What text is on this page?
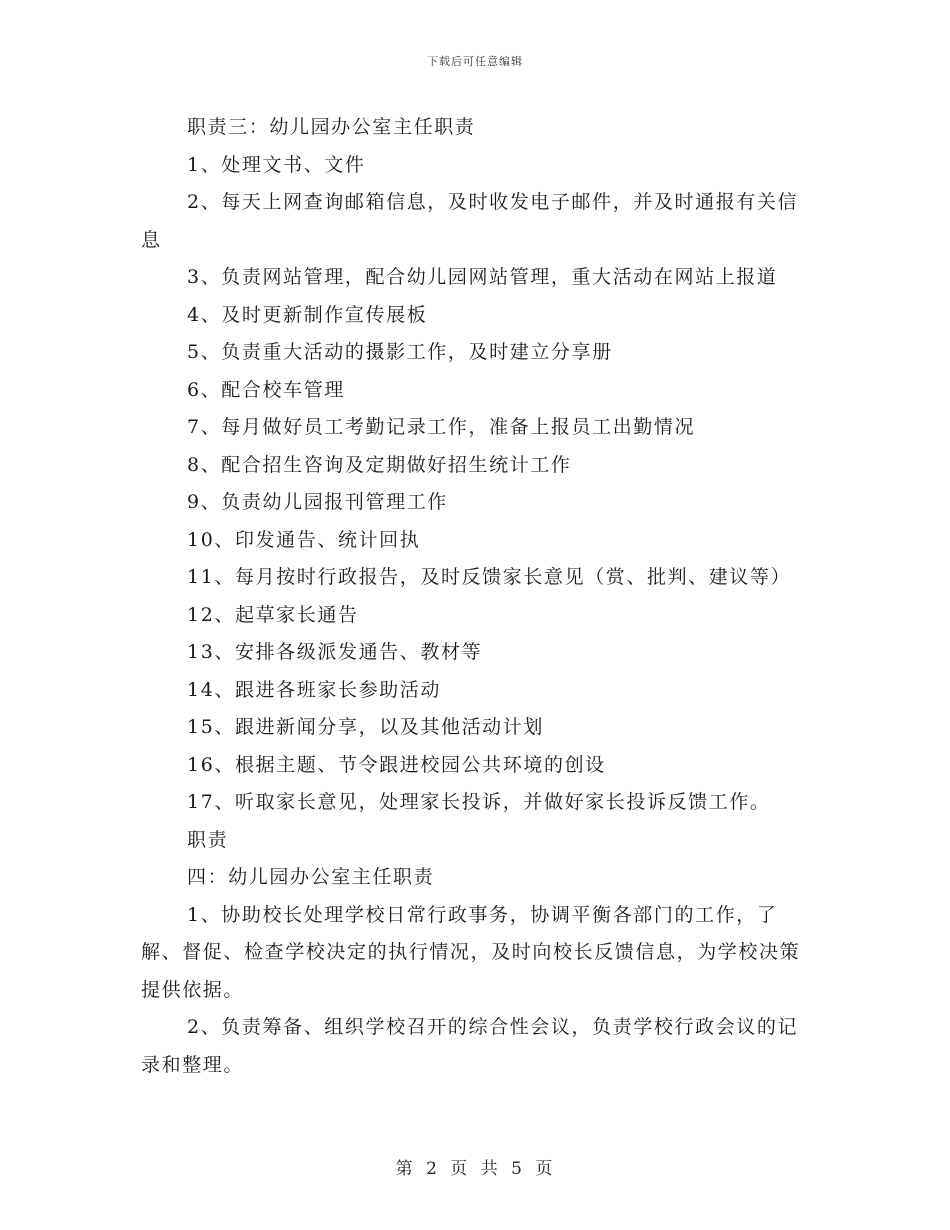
下载后可任意编辑

职责三：幼儿园办公室主任职责

1、处理文书、文件

2、每天上网查询邮箱信息，及时收发电子邮件，并及时通报有关信息

3、负责网站管理，配合幼儿园网站管理，重大活动在网站上报道

4、及时更新制作宣传展板

5、负责重大活动的摄影工作，及时建立分享册

6、配合校车管理

7、每月做好员工考勤记录工作，准备上报员工出勤情况

8、配合招生咨询及定期做好招生统计工作

9、负责幼儿园报刊管理工作

10、印发通告、统计回执

11、每月按时行政报告，及时反馈家长意见（赏、批判、建议等）

12、起草家长通告

13、安排各级派发通告、教材等

14、跟进各班家长参助活动

15、跟进新闻分享，以及其他活动计划

16、根据主题、节令跟进校园公共环境的创设

17、听取家长意见，处理家长投诉，并做好家长投诉反馈工作。

职责

四：幼儿园办公室主任职责

1、协助校长处理学校日常行政事务，协调平衡各部门的工作，了解、督促、检查学校决定的执行情况，及时向校长反馈信息，为学校决策提供依据。

2、负责筹备、组织学校召开的综合性会议，负责学校行政会议的记录和整理。

第 2 页 共 5 页
